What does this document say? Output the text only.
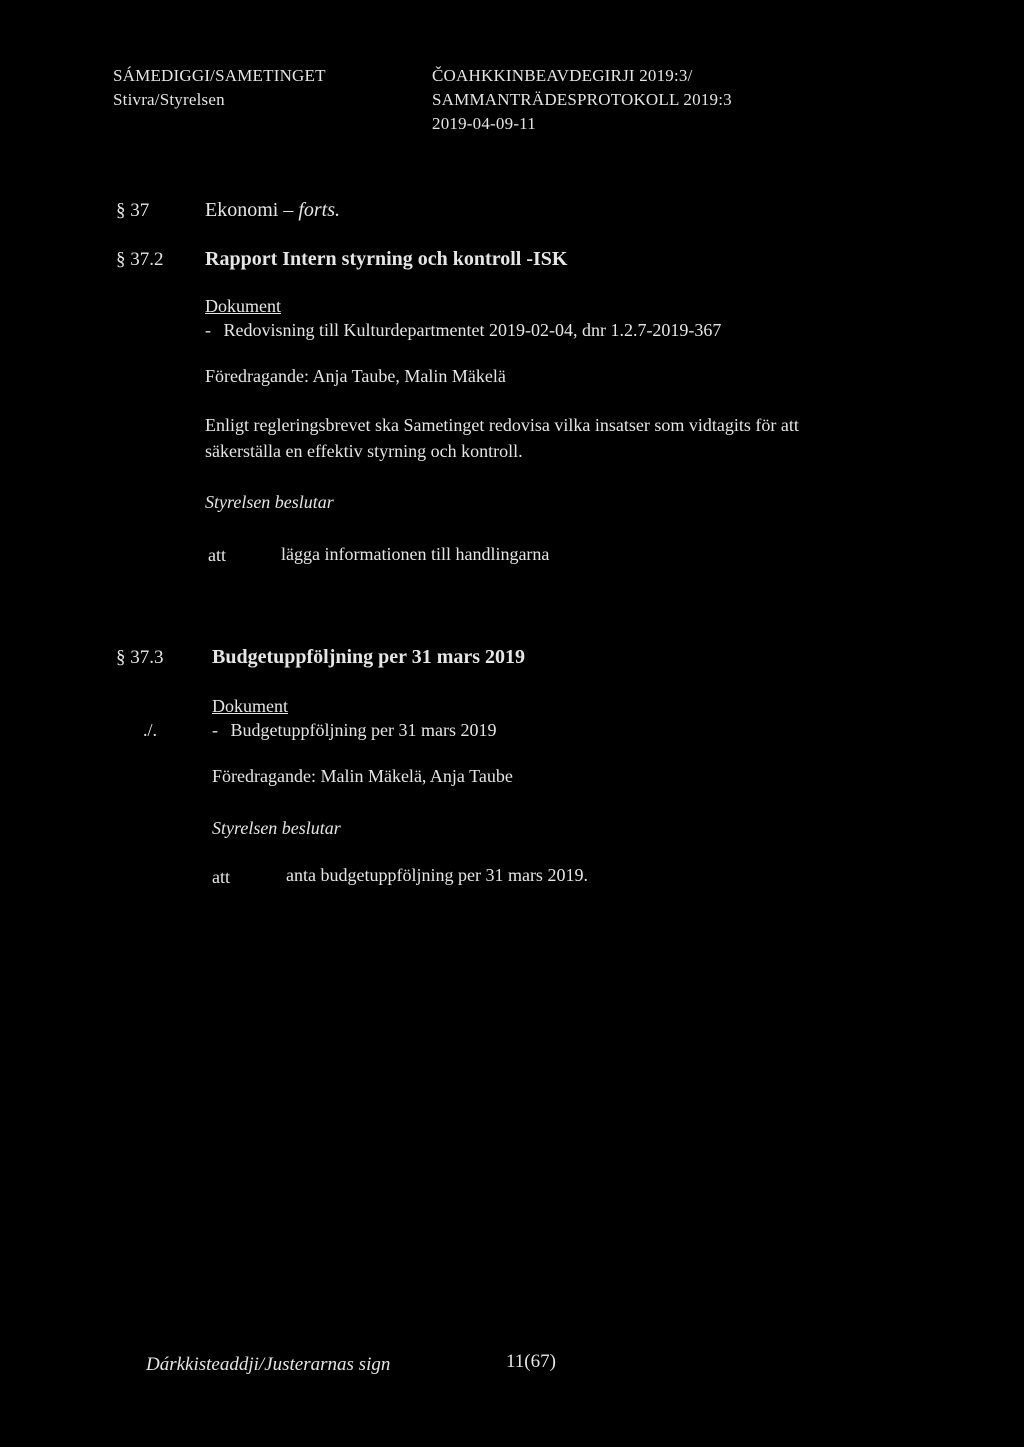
SÁMEDIGGI/SAMETINGET
Stivra/Styrelsen
ČOAHKKINBEAVDEGIRJI 2019:3/
SAMMANTRÄDESPROTOKOLL 2019:3
2019-04-09-11
§ 37	Ekonomi – forts.
§ 37.2 Rapport Intern styrning och kontroll -ISK
Dokument
- Redovisning till Kulturdepartmentet 2019-02-04, dnr 1.2.7-2019-367
Föredragande: Anja Taube, Malin Mäkelä
Enligt regleringsbrevet ska Sametinget redovisa vilka insatser som vidtagits för att
säkerställa en effektiv styrning och kontroll.
Styrelsen beslutar
att	lägga informationen till handlingarna
§ 37.3 Budgetuppföljning per 31 mars 2019
Dokument
./.	- Budgetuppföljning per 31 mars 2019
Föredragande: Malin Mäkelä, Anja Taube
Styrelsen beslutar
att	anta budgetuppföljning per 31 mars 2019.
Dárkkisteaddji/Justerarnas sign	11(67)
